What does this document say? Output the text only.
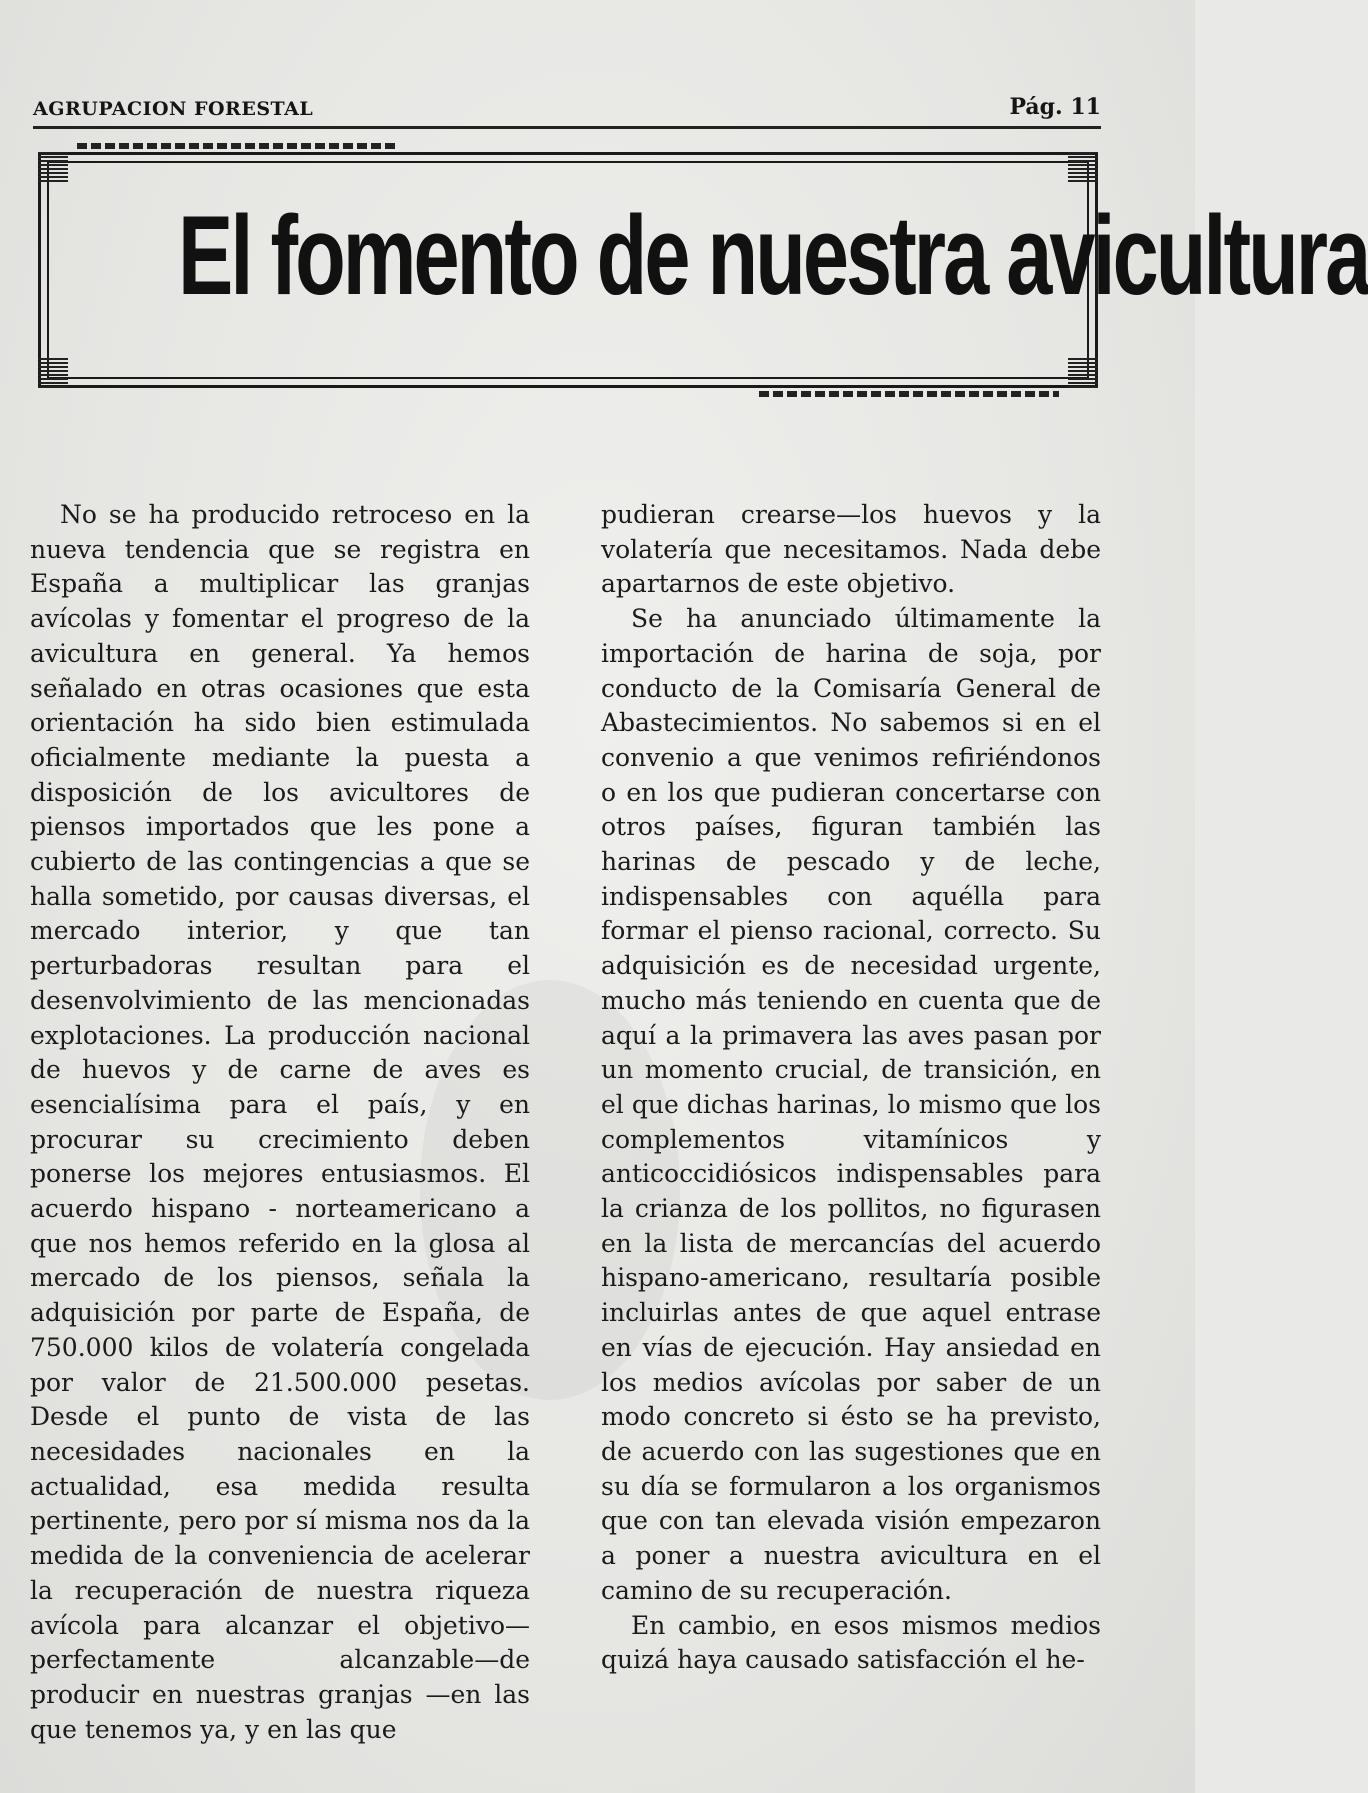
AGRUPACION FORESTAL	Pág. 11
El fomento de nuestra avicultura

No se ha producido retroceso en la nueva tendencia que se registra en España a multiplicar las granjas avícolas y fomentar el progreso de la avicultura en general. Ya hemos señalado en otras ocasiones que esta orientación ha sido bien estimulada oficialmente mediante la puesta a disposición de los avicultores de piensos importados que les pone a cubierto de las contingencias a que se halla sometido, por causas diversas, el mercado interior, y que tan perturbadoras resultan para el desenvolvimiento de las mencionadas explotaciones. La producción nacional de huevos y de carne de aves es esencialísima para el país, y en procurar su crecimiento deben ponerse los mejores entusiasmos. El acuerdo hispano - norteamericano a que nos hemos referido en la glosa al mercado de los piensos, señala la adquisición por parte de España, de 750.000 kilos de volatería congelada por valor de 21.500.000 pesetas. Desde el punto de vista de las necesidades nacionales en la actualidad, esa medida resulta pertinente, pero por sí misma nos da la medida de la conveniencia de acelerar la recuperación de nuestra riqueza avícola para alcanzar el objetivo—perfectamente alcanzable—de producir en nuestras granjas —en las que tenemos ya, y en las que

pudieran crearse—los huevos y la volatería que necesitamos. Nada debe apartarnos de este objetivo.

Se ha anunciado últimamente la importación de harina de soja, por conducto de la Comisaría General de Abastecimientos. No sabemos si en el convenio a que venimos refiriéndonos o en los que pudieran concertarse con otros países, figuran también las harinas de pescado y de leche, indispensables con aquélla para formar el pienso racional, correcto. Su adquisición es de necesidad urgente, mucho más teniendo en cuenta que de aquí a la primavera las aves pasan por un momento crucial, de transición, en el que dichas harinas, lo mismo que los complementos vitamínicos y anticoccidiósicos indispensables para la crianza de los pollitos, no figurasen en la lista de mercancías del acuerdo hispano-americano, resultaría posible incluirlas antes de que aquel entrase en vías de ejecución. Hay ansiedad en los medios avícolas por saber de un modo concreto si ésto se ha previsto, de acuerdo con las sugestiones que en su día se formularon a los organismos que con tan elevada visión empezaron a poner a nuestra avicultura en el camino de su recuperación.

En cambio, en esos mismos medios quizá haya causado satisfacción el he-
